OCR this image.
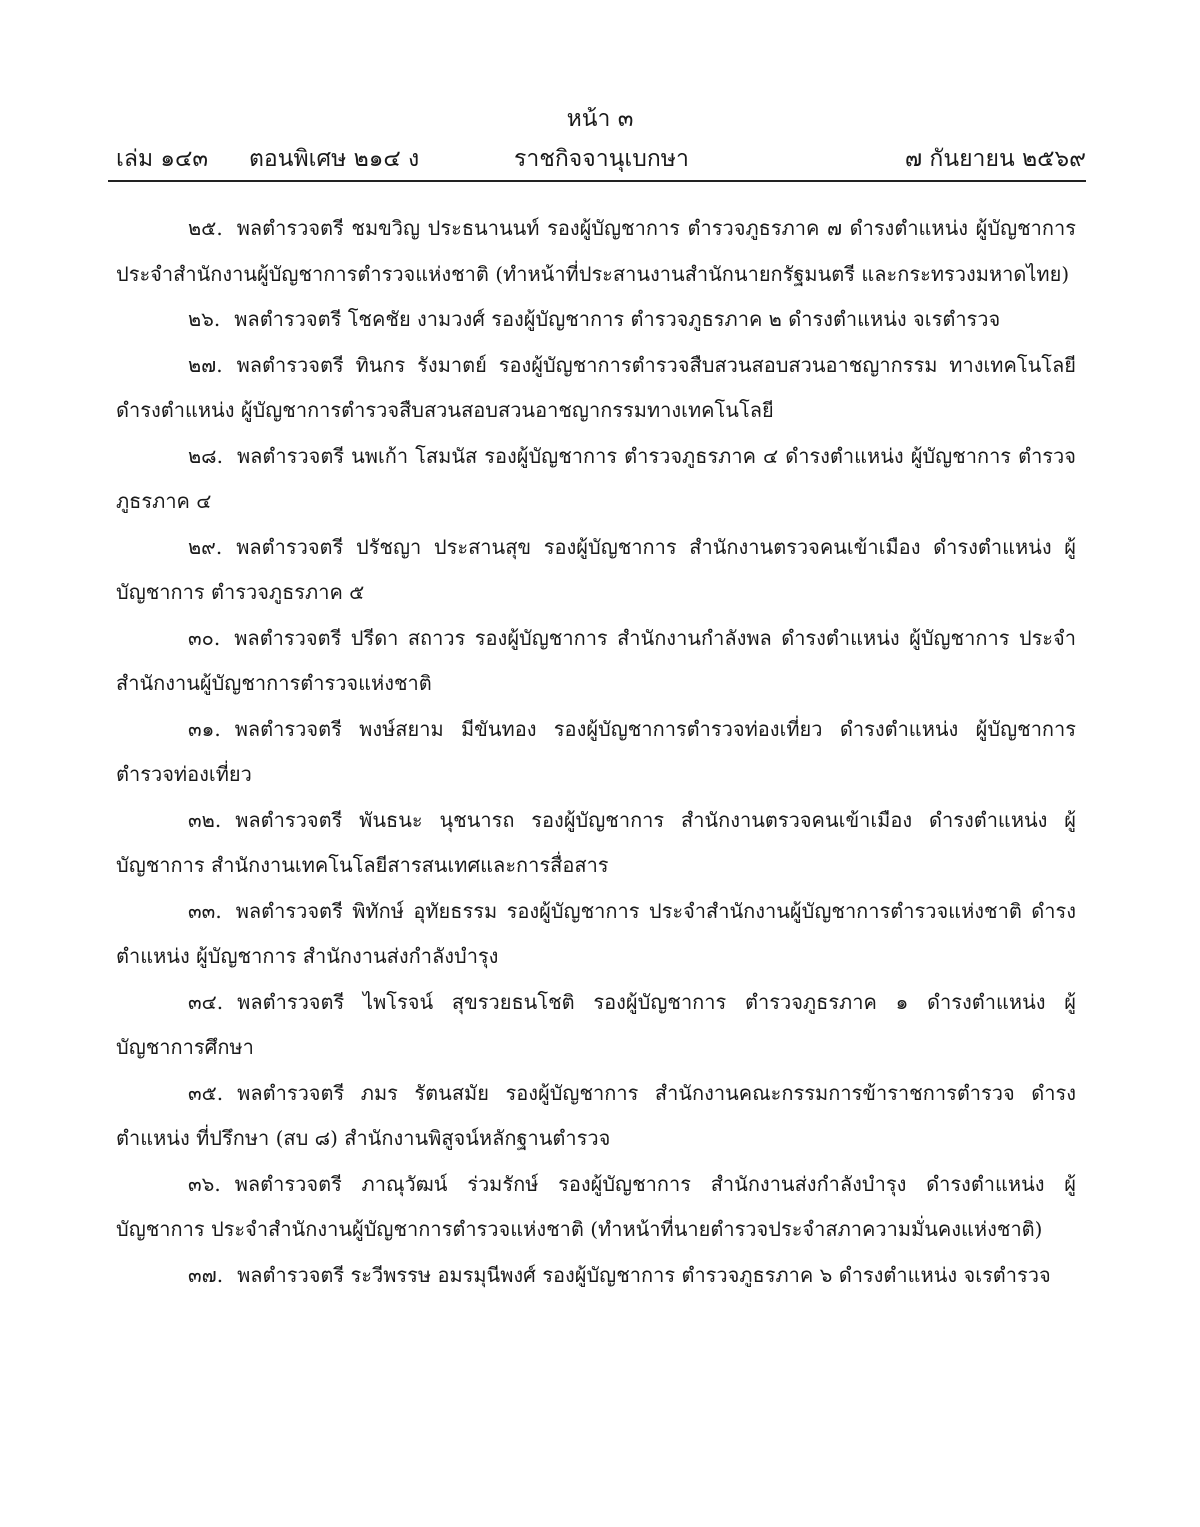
หน้า ๓
เล่ม ๑๔๓ ตอนพิเศษ ๒๑๔ ง	ราชกิจจานุเบกษา	๗ กันยายน ๒๕๖๙

๒๕. พลตำรวจตรี ชมขวิญ ประธนานนท์ รองผู้บัญชาการ ตำรวจภูธรภาค ๗ ดำรงตำแหน่ง ผู้บัญชาการ ประจำสำนักงานผู้บัญชาการตำรวจแห่งชาติ (ทำหน้าที่ประสานงานสำนักนายกรัฐมนตรี และกระทรวงมหาดไทย)

๒๖. พลตำรวจตรี โชคชัย งามวงศ์ รองผู้บัญชาการ ตำรวจภูธรภาค ๒ ดำรงตำแหน่ง จเรตำรวจ

๒๗. พลตำรวจตรี ทินกร รังมาตย์ รองผู้บัญชาการตำรวจสืบสวนสอบสวนอาชญากรรม ทางเทคโนโลยี ดำรงตำแหน่ง ผู้บัญชาการตำรวจสืบสวนสอบสวนอาชญากรรมทางเทคโนโลยี

๒๘. พลตำรวจตรี นพเก้า โสมนัส รองผู้บัญชาการ ตำรวจภูธรภาค ๔ ดำรงตำแหน่ง ผู้บัญชาการ ตำรวจภูธรภาค ๔

๒๙. พลตำรวจตรี ปรัชญา ประสานสุข รองผู้บัญชาการ สำนักงานตรวจคนเข้าเมือง ดำรงตำแหน่ง ผู้บัญชาการ ตำรวจภูธรภาค ๕

๓๐. พลตำรวจตรี ปรีดา สถาวร รองผู้บัญชาการ สำนักงานกำลังพล ดำรงตำแหน่ง ผู้บัญชาการ ประจำสำนักงานผู้บัญชาการตำรวจแห่งชาติ

๓๑. พลตำรวจตรี พงษ์สยาม มีขันทอง รองผู้บัญชาการตำรวจท่องเที่ยว ดำรงตำแหน่ง ผู้บัญชาการตำรวจท่องเที่ยว

๓๒. พลตำรวจตรี พันธนะ นุชนารถ รองผู้บัญชาการ สำนักงานตรวจคนเข้าเมือง ดำรงตำแหน่ง ผู้บัญชาการ สำนักงานเทคโนโลยีสารสนเทศและการสื่อสาร

๓๓. พลตำรวจตรี พิทักษ์ อุทัยธรรม รองผู้บัญชาการ ประจำสำนักงานผู้บัญชาการตำรวจแห่งชาติ ดำรงตำแหน่ง ผู้บัญชาการ สำนักงานส่งกำลังบำรุง

๓๔. พลตำรวจตรี ไพโรจน์ สุขรวยธนโชติ รองผู้บัญชาการ ตำรวจภูธรภาค ๑ ดำรงตำแหน่ง ผู้บัญชาการศึกษา

๓๕. พลตำรวจตรี ภมร รัตนสมัย รองผู้บัญชาการ สำนักงานคณะกรรมการข้าราชการตำรวจ ดำรงตำแหน่ง ที่ปรึกษา (สบ ๘) สำนักงานพิสูจน์หลักฐานตำรวจ

๓๖. พลตำรวจตรี ภาณุวัฒน์ ร่วมรักษ์ รองผู้บัญชาการ สำนักงานส่งกำลังบำรุง ดำรงตำแหน่ง ผู้บัญชาการ ประจำสำนักงานผู้บัญชาการตำรวจแห่งชาติ (ทำหน้าที่นายตำรวจประจำสภาความมั่นคงแห่งชาติ)

๓๗. พลตำรวจตรี ระวีพรรษ อมรมุนีพงศ์ รองผู้บัญชาการ ตำรวจภูธรภาค ๖ ดำรงตำแหน่ง จเรตำรวจ
